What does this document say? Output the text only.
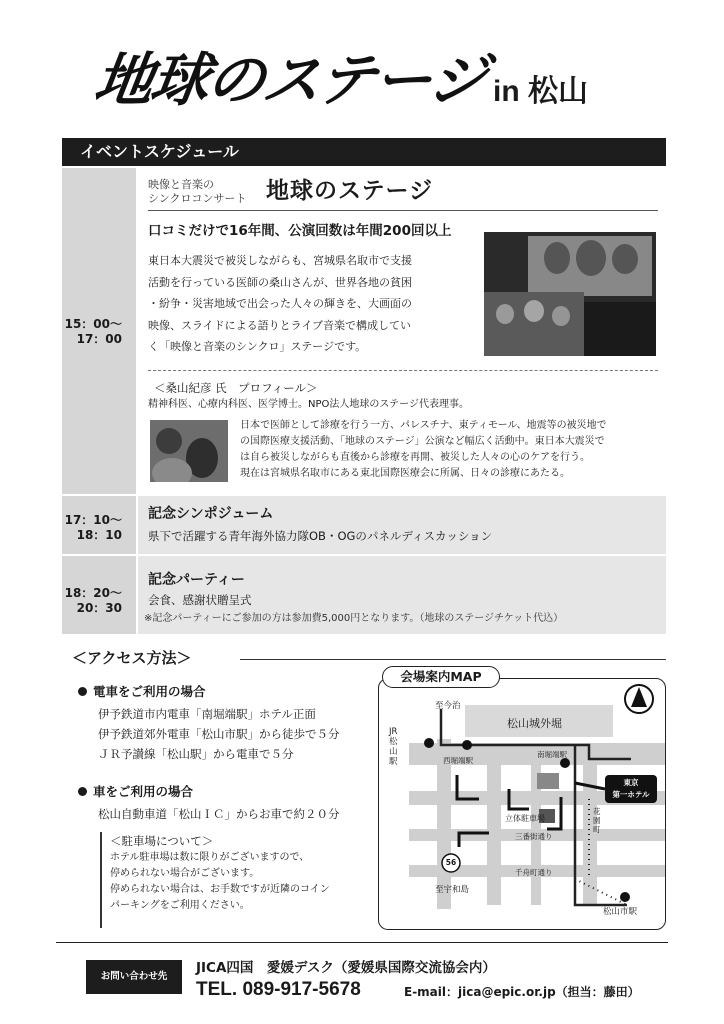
地球のステージ in 松山
イベントスケジュール
15：00〜
17：00
映像と音楽の
シンクロコンサート 地球のステージ
口コミだけで16年間、公演回数は年間200回以上
東日本大震災で被災しながらも、宮城県名取市で支援
活動を行っている医師の桑山さんが、世界各地の貧困
・紛争・災害地域で出会った人々の輝きを、大画面の
映像、スライドによる語りとライブ音楽で構成してい
く「映像と音楽のシンクロ」ステージです。
＜桑山紀彦 氏　プロフィール＞
精神科医、心療内科医、医学博士。NPO法人地球のステージ代表理事。
日本で医師として診療を行う一方、パレスチナ、東ティモール、地震等の被災地で
の国際医療支援活動、「地球のステージ」公演など幅広く活動中。東日本大震災で
は自ら被災しながらも直後から診療を再開、被災した人々の心のケアを行う。
現在は宮城県名取市にある東北国際医療会に所属、日々の診療にあたる。
17：10〜
18：10
記念シンポジューム
県下で活躍する青年海外協力隊OB・OGのパネルディスカッション
18：20〜
20：30
記念パーティー
会食、感謝状贈呈式
※記念パーティーにご参加の方は参加費5,000円となります。（地球のステージチケット代込）
＜アクセス方法＞
電車をご利用の場合
伊予鉄道市内電車「南堀端駅」ホテル正面
伊予鉄道郊外電車「松山市駅」から徒歩で５分
ＪＲ予讃線「松山駅」から電車で５分
車をご利用の場合
松山自動車道「松山ＩＣ」からお車で約２０分
＜駐車場について＞
ホテル駐車場は数に限りがございますので、
停められない場合がございます。
停められない場合は、お手数ですが近隣のコイン
パーキングをご利用ください。
会場案内MAP
至今治
松山城外堀
JR松山駅	西堀端駅
南堀端駅
東京
第一ホテル
立体駐車場
三番街通り
千舟町通り
花園町
56
至宇和島
松山市駅
お問い合わせ先
JICA四国　愛媛デスク（愛媛県国際交流協会内）
TEL. 089-917-5678	E-mail：jica@epic.or.jp（担当：藤田）
